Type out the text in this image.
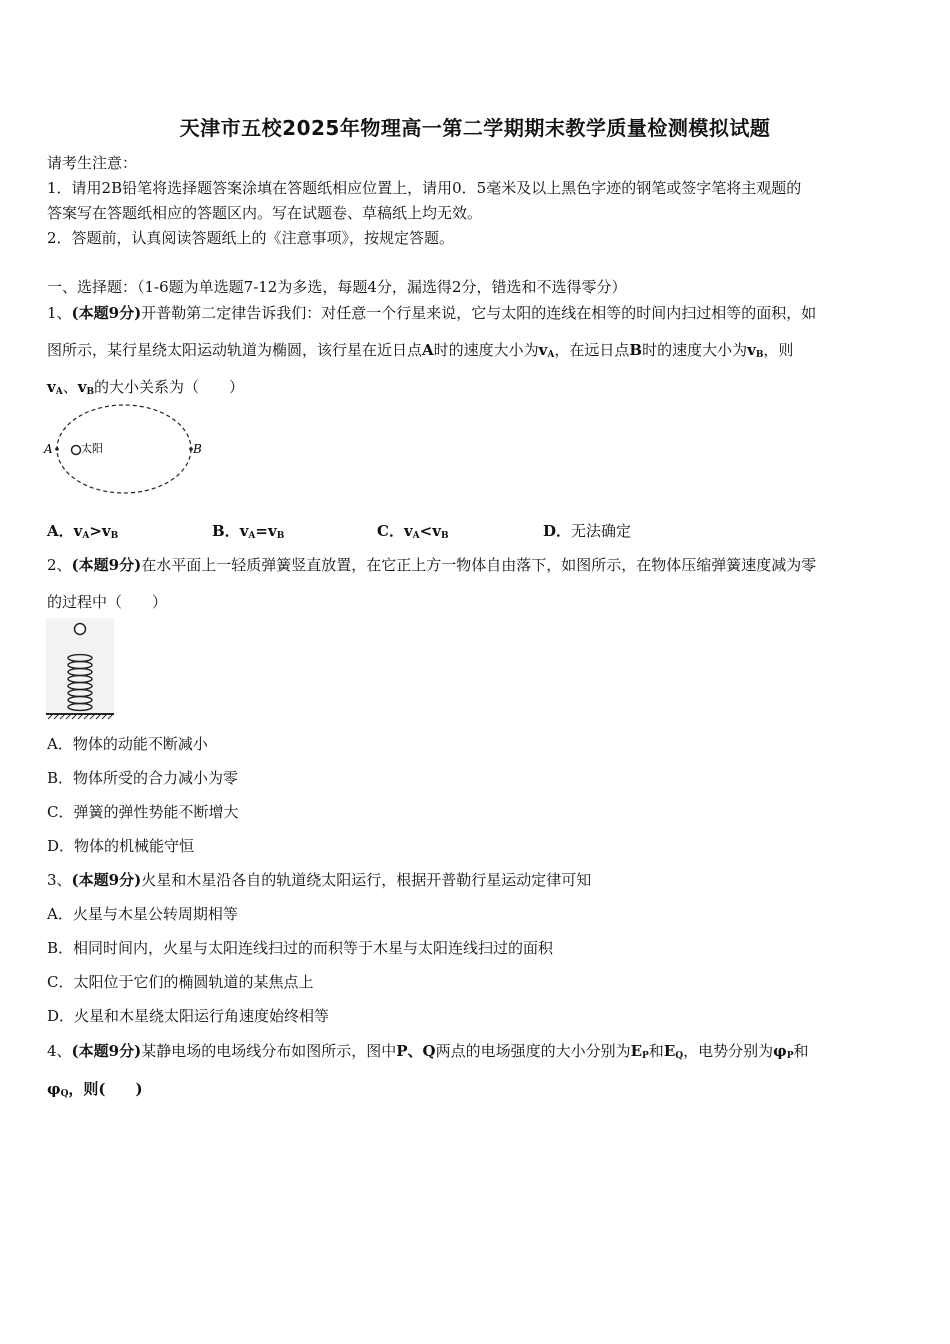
天津市五校2025年物理高一第二学期期末教学质量检测模拟试题
请考生注意：
1．请用2B铅笔将选择题答案涂填在答题纸相应位置上，请用0．5毫米及以上黑色字迹的钢笔或签字笔将主观题的
答案写在答题纸相应的答题区内。写在试题卷、草稿纸上均无效。
2．答题前，认真阅读答题纸上的《注意事项》，按规定答题。
一、选择题：（1-6题为单选题7-12为多选，每题4分，漏选得2分，错选和不选得零分）
1、(本题9分)开普勒第二定律告诉我们：对任意一个行星来说，它与太阳的连线在相等的时间内扫过相等的面积，如
图所示，某行星绕太阳运动轨道为椭圆，该行星在近日点A时的速度大小为$v_A$，在远日点B时的速度大小为$v_B$，则
$v_A$、$v_B$的大小关系为（　　）
A	B
太阳
A．$v_A>v_B$	B．$v_A=v_B$	C．$v_A<v_B$	D．无法确定
2、(本题9分)在水平面上一轻质弹簧竖直放置，在它正上方一物体自由落下，如图所示，在物体压缩弹簧速度减为零
的过程中（　　）
A．物体的动能不断减小
B．物体所受的合力减小为零
C．弹簧的弹性势能不断增大
D．物体的机械能守恒
3、(本题9分)火星和木星沿各自的轨道绕太阳运行，根据开普勒行星运动定律可知
A．火星与木星公转周期相等
B．相同时间内，火星与太阳连线扫过的而积等于木星与太阳连线扫过的面积
C．太阳位于它们的椭圆轨道的某焦点上
D．火星和木星绕太阳运行角速度始终相等
4、(本题9分)某静电场的电场线分布如图所示，图中P、Q两点的电场强度的大小分别为$E_P$和$E_Q$，电势分别为$\varphi_P$和
$\varphi_Q$，则(　　)
